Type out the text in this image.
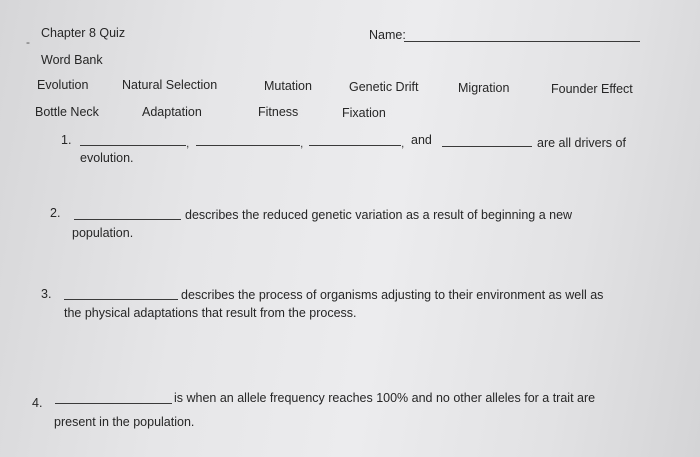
-
Chapter 8 Quiz	Name:
Word Bank
Evolution	Natural Selection	Mutation	Genetic Drift	Migration	Founder Effect
Bottle Neck	Adaptation	Fitness	Fixation
1.	,	,	, and	are all drivers of
evolution.
2.	describes the reduced genetic variation as a result of beginning a new
population.
3.	describes the process of organisms adjusting to their environment as well as
the physical adaptations that result from the process.
4.	is when an allele frequency reaches 100% and no other alleles for a trait are
present in the population.
